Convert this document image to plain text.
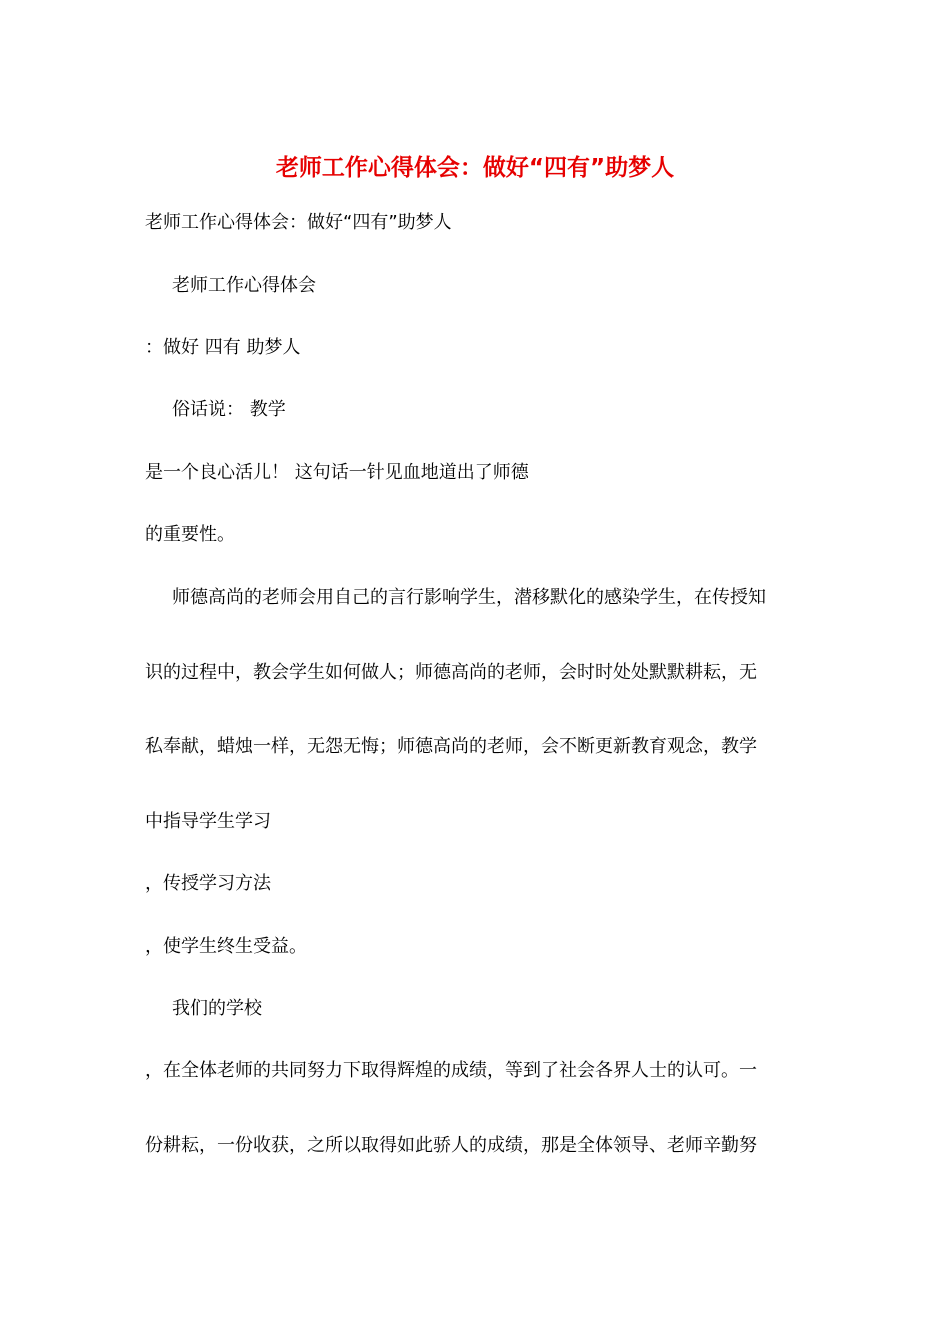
老师工作心得体会：做好“四有”助梦人
老师工作心得体会：做好“四有”助梦人
老师工作心得体会
：做好 四有 助梦人
俗话说： 教学
是一个良心活儿！ 这句话一针见血地道出了师德
的重要性。
师德高尚的老师会用自己的言行影响学生，潜移默化的感染学生，在传授知
识的过程中，教会学生如何做人；师德高尚的老师，会时时处处默默耕耘，无
私奉献，蜡烛一样，无怨无悔；师德高尚的老师，会不断更新教育观念，教学
中指导学生学习
，传授学习方法
，使学生终生受益。
我们的学校
，在全体老师的共同努力下取得辉煌的成绩，等到了社会各界人士的认可。一
份耕耘，一份收获，之所以取得如此骄人的成绩，那是全体领导、老师辛勤努
